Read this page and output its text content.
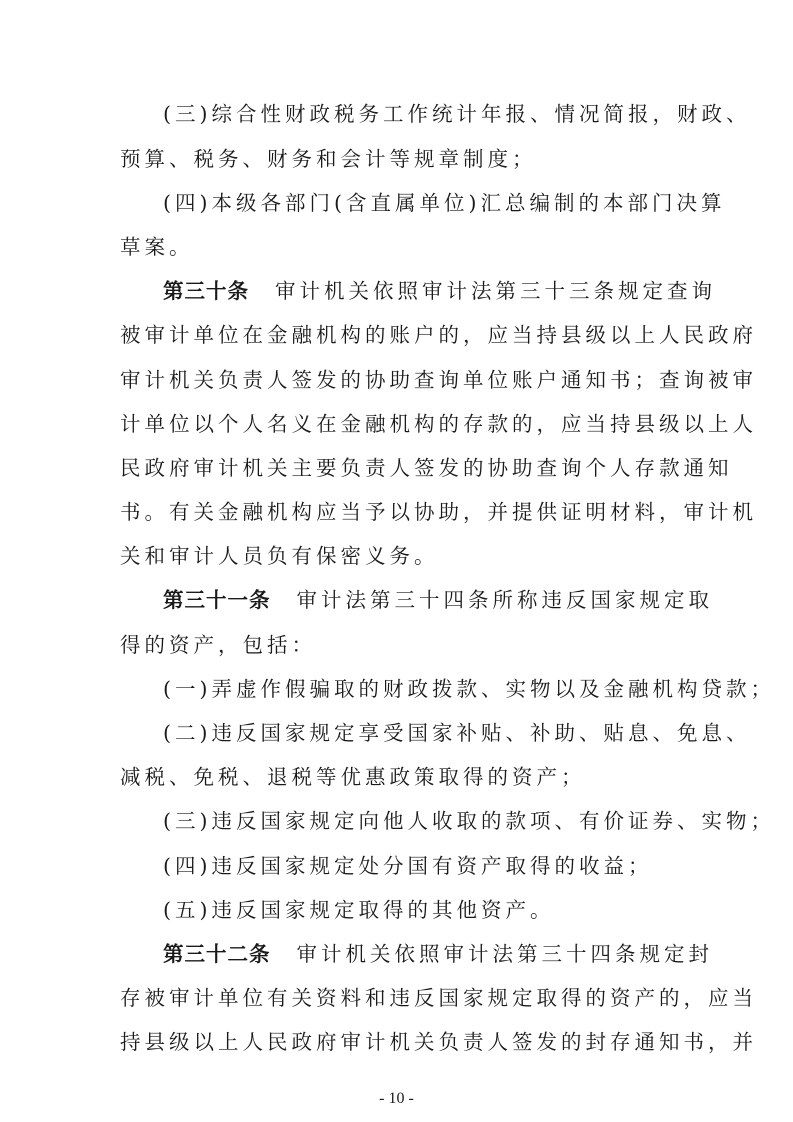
(三)综合性财政税务工作统计年报、情况简报，财政、
预算、税务、财务和会计等规章制度；
(四)本级各部门(含直属单位)汇总编制的本部门决算
草案。
第三十条 审计机关依照审计法第三十三条规定查询
被审计单位在金融机构的账户的，应当持县级以上人民政府
审计机关负责人签发的协助查询单位账户通知书；查询被审
计单位以个人名义在金融机构的存款的，应当持县级以上人
民政府审计机关主要负责人签发的协助查询个人存款通知
书。有关金融机构应当予以协助，并提供证明材料，审计机
关和审计人员负有保密义务。
第三十一条 审计法第三十四条所称违反国家规定取
得的资产，包括：
(一)弄虚作假骗取的财政拨款、实物以及金融机构贷款；
(二)违反国家规定享受国家补贴、补助、贴息、免息、
减税、免税、退税等优惠政策取得的资产；
(三)违反国家规定向他人收取的款项、有价证券、实物；
(四)违反国家规定处分国有资产取得的收益；
(五)违反国家规定取得的其他资产。
第三十二条 审计机关依照审计法第三十四条规定封
存被审计单位有关资料和违反国家规定取得的资产的，应当
持县级以上人民政府审计机关负责人签发的封存通知书，并
- 10 -
